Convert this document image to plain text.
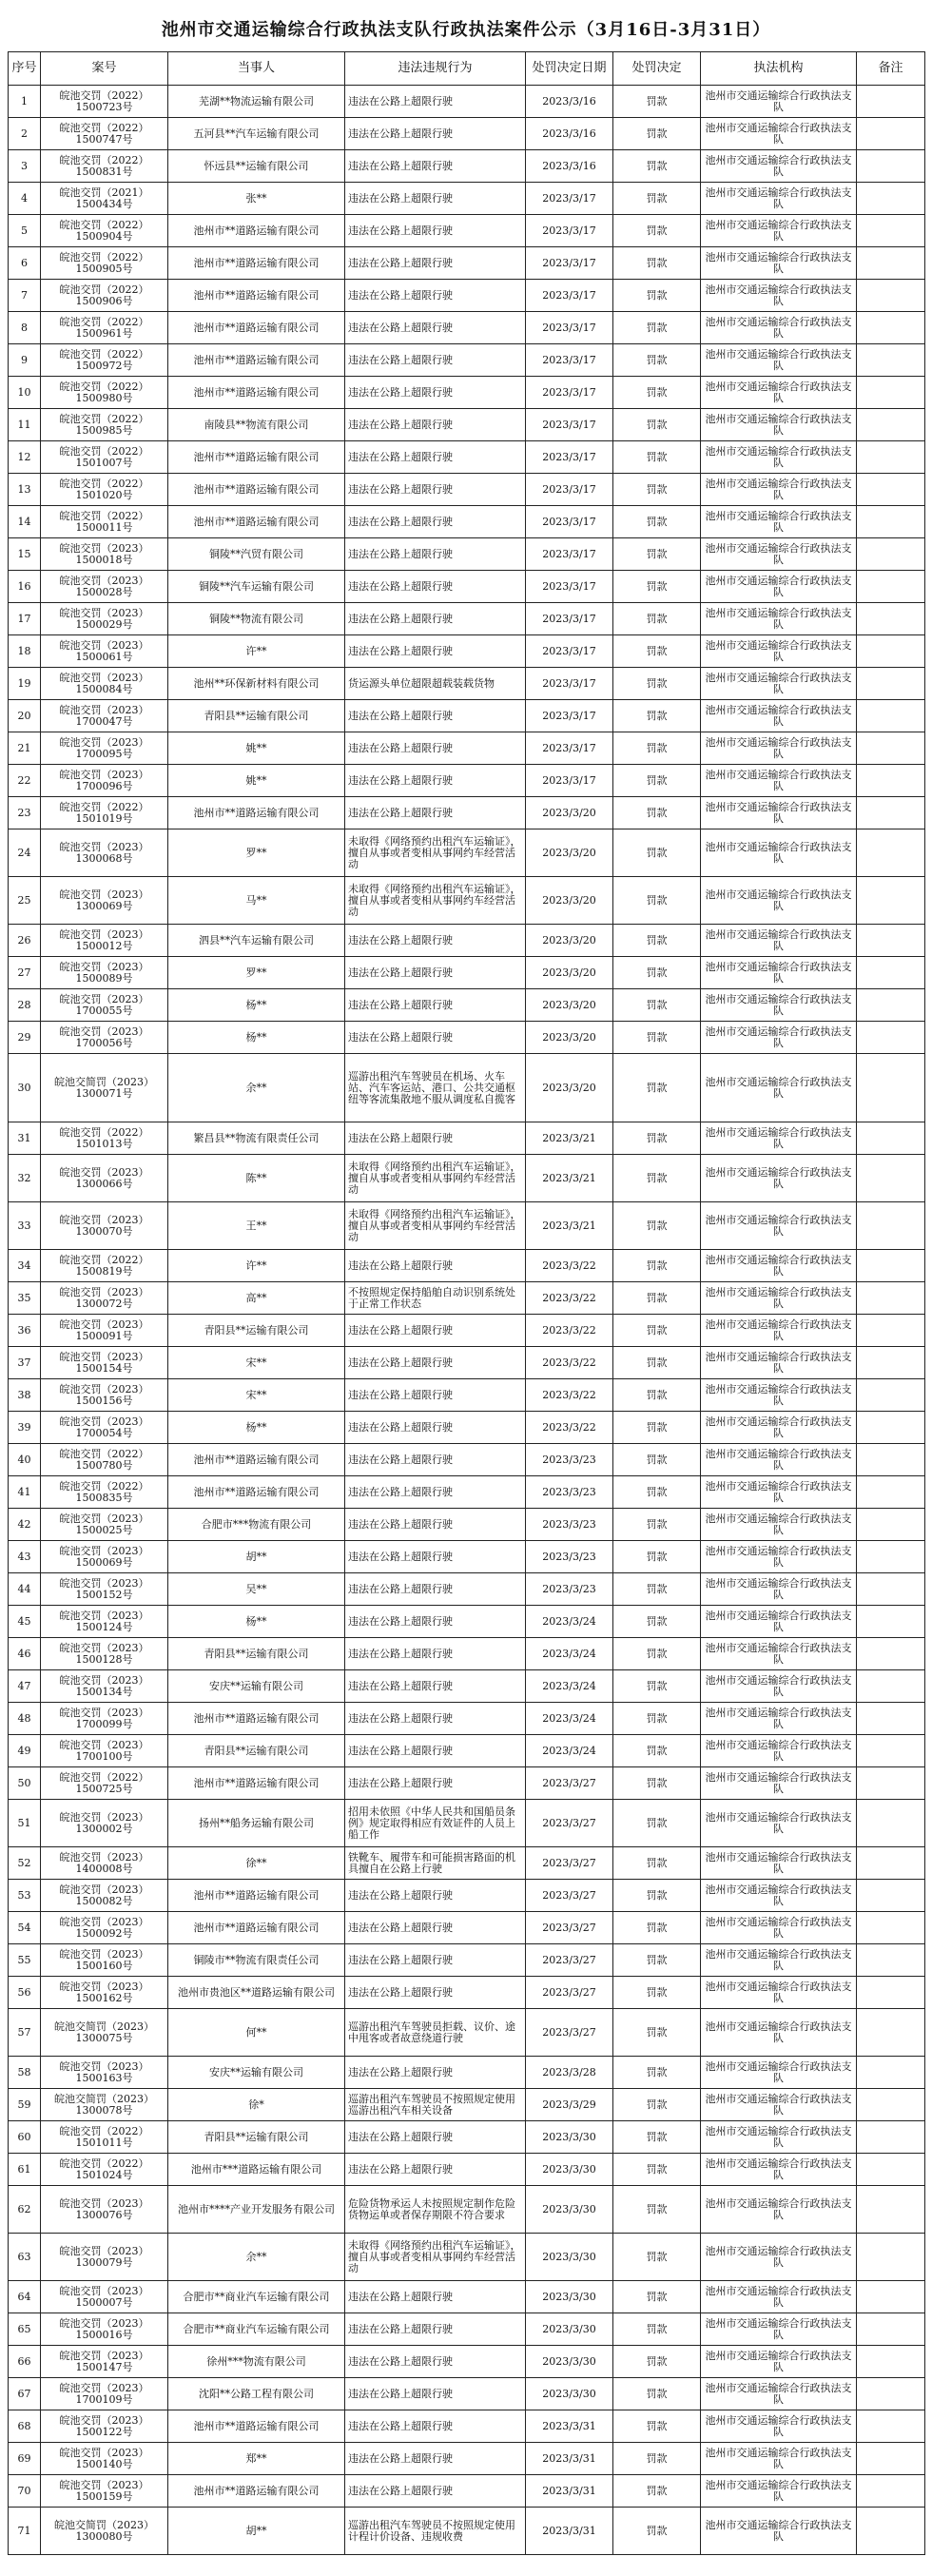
池州市交通运输综合行政执法支队行政执法案件公示（3月16日-3月31日）
序号	案号	当事人	违法违规行为	处罚决定日期	处罚决定	执法机构	备注

1	皖池交罚（2022）
1500723号	芜湖**物流运输有限公司	违法在公路上超限行驶	2023/3/16	罚款	池州市交通运输综合行政执法支队	

2	皖池交罚（2022）
1500747号	五河县**汽车运输有限公司	违法在公路上超限行驶	2023/3/16	罚款	池州市交通运输综合行政执法支队	

3	皖池交罚（2022）
1500831号	怀远县**运输有限公司	违法在公路上超限行驶	2023/3/16	罚款	池州市交通运输综合行政执法支队	

4	皖池交罚（2021）
1500434号	张**	违法在公路上超限行驶	2023/3/17	罚款	池州市交通运输综合行政执法支队	

5	皖池交罚（2022）
1500904号	池州市**道路运输有限公司	违法在公路上超限行驶	2023/3/17	罚款	池州市交通运输综合行政执法支队	

6	皖池交罚（2022）
1500905号	池州市**道路运输有限公司	违法在公路上超限行驶	2023/3/17	罚款	池州市交通运输综合行政执法支队	

7	皖池交罚（2022）
1500906号	池州市**道路运输有限公司	违法在公路上超限行驶	2023/3/17	罚款	池州市交通运输综合行政执法支队	

8	皖池交罚（2022）
1500961号	池州市**道路运输有限公司	违法在公路上超限行驶	2023/3/17	罚款	池州市交通运输综合行政执法支队	

9	皖池交罚（2022）
1500972号	池州市**道路运输有限公司	违法在公路上超限行驶	2023/3/17	罚款	池州市交通运输综合行政执法支队	

10	皖池交罚（2022）
1500980号	池州市**道路运输有限公司	违法在公路上超限行驶	2023/3/17	罚款	池州市交通运输综合行政执法支队	

11	皖池交罚（2022）
1500985号	南陵县**物流有限公司	违法在公路上超限行驶	2023/3/17	罚款	池州市交通运输综合行政执法支队	

12	皖池交罚（2022）
1501007号	池州市**道路运输有限公司	违法在公路上超限行驶	2023/3/17	罚款	池州市交通运输综合行政执法支队	

13	皖池交罚（2022）
1501020号	池州市**道路运输有限公司	违法在公路上超限行驶	2023/3/17	罚款	池州市交通运输综合行政执法支队	

14	皖池交罚（2022）
1500011号	池州市**道路运输有限公司	违法在公路上超限行驶	2023/3/17	罚款	池州市交通运输综合行政执法支队	

15	皖池交罚（2023）
1500018号	铜陵**汽贸有限公司	违法在公路上超限行驶	2023/3/17	罚款	池州市交通运输综合行政执法支队	

16	皖池交罚（2023）
1500028号	铜陵**汽车运输有限公司	违法在公路上超限行驶	2023/3/17	罚款	池州市交通运输综合行政执法支队	

17	皖池交罚（2023）
1500029号	铜陵**物流有限公司	违法在公路上超限行驶	2023/3/17	罚款	池州市交通运输综合行政执法支队	

18	皖池交罚（2023）
1500061号	许**	违法在公路上超限行驶	2023/3/17	罚款	池州市交通运输综合行政执法支队	

19	皖池交罚（2023）
1500084号	池州**环保新材料有限公司	货运源头单位超限超载装载货物	2023/3/17	罚款	池州市交通运输综合行政执法支队	

20	皖池交罚（2023）
1700047号	青阳县**运输有限公司	违法在公路上超限行驶	2023/3/17	罚款	池州市交通运输综合行政执法支队	

21	皖池交罚（2023）
1700095号	姚**	违法在公路上超限行驶	2023/3/17	罚款	池州市交通运输综合行政执法支队	

22	皖池交罚（2023）
1700096号	姚**	违法在公路上超限行驶	2023/3/17	罚款	池州市交通运输综合行政执法支队	

23	皖池交罚（2022）
1501019号	池州市**道路运输有限公司	违法在公路上超限行驶	2023/3/20	罚款	池州市交通运输综合行政执法支队	

24	皖池交罚（2023）
1300068号	罗**	未取得《网络预约出租汽车运输证》，擅自从事或者变相从事网约车经营活动	2023/3/20	罚款	池州市交通运输综合行政执法支队	

25	皖池交罚（2023）
1300069号	马**	未取得《网络预约出租汽车运输证》，擅自从事或者变相从事网约车经营活动	2023/3/20	罚款	池州市交通运输综合行政执法支队	

26	皖池交罚（2023）
1500012号	泗县**汽车运输有限公司	违法在公路上超限行驶	2023/3/20	罚款	池州市交通运输综合行政执法支队	

27	皖池交罚（2023）
1500089号	罗**	违法在公路上超限行驶	2023/3/20	罚款	池州市交通运输综合行政执法支队	

28	皖池交罚（2023）
1700055号	杨**	违法在公路上超限行驶	2023/3/20	罚款	池州市交通运输综合行政执法支队	

29	皖池交罚（2023）
1700056号	杨**	违法在公路上超限行驶	2023/3/20	罚款	池州市交通运输综合行政执法支队	

30	皖池交简罚（2023）
1300071号	余**	巡游出租汽车驾驶员在机场、火车站、汽车客运站、港口、公共交通枢纽等客流集散地不服从调度私自揽客	2023/3/20	罚款	池州市交通运输综合行政执法支队	

31	皖池交罚（2022）
1501013号	繁昌县**物流有限责任公司	违法在公路上超限行驶	2023/3/21	罚款	池州市交通运输综合行政执法支队	

32	皖池交罚（2023）
1300066号	陈**	未取得《网络预约出租汽车运输证》，擅自从事或者变相从事网约车经营活动	2023/3/21	罚款	池州市交通运输综合行政执法支队	

33	皖池交罚（2023）
1300070号	王**	未取得《网络预约出租汽车运输证》，擅自从事或者变相从事网约车经营活动	2023/3/21	罚款	池州市交通运输综合行政执法支队	

34	皖池交罚（2022）
1500819号	许**	违法在公路上超限行驶	2023/3/22	罚款	池州市交通运输综合行政执法支队	

35	皖池交罚（2023）
1300072号	高**	不按照规定保持船舶自动识别系统处于正常工作状态	2023/3/22	罚款	池州市交通运输综合行政执法支队	

36	皖池交罚（2023）
1500091号	青阳县**运输有限公司	违法在公路上超限行驶	2023/3/22	罚款	池州市交通运输综合行政执法支队	

37	皖池交罚（2023）
1500154号	宋**	违法在公路上超限行驶	2023/3/22	罚款	池州市交通运输综合行政执法支队	

38	皖池交罚（2023）
1500156号	宋**	违法在公路上超限行驶	2023/3/22	罚款	池州市交通运输综合行政执法支队	

39	皖池交罚（2023）
1700054号	杨**	违法在公路上超限行驶	2023/3/22	罚款	池州市交通运输综合行政执法支队	

40	皖池交罚（2022）
1500780号	池州市**道路运输有限公司	违法在公路上超限行驶	2023/3/23	罚款	池州市交通运输综合行政执法支队	

41	皖池交罚（2022）
1500835号	池州市**道路运输有限公司	违法在公路上超限行驶	2023/3/23	罚款	池州市交通运输综合行政执法支队	

42	皖池交罚（2023）
1500025号	合肥市***物流有限公司	违法在公路上超限行驶	2023/3/23	罚款	池州市交通运输综合行政执法支队	

43	皖池交罚（2023）
1500069号	胡**	违法在公路上超限行驶	2023/3/23	罚款	池州市交通运输综合行政执法支队	

44	皖池交罚（2023）
1500152号	吴**	违法在公路上超限行驶	2023/3/23	罚款	池州市交通运输综合行政执法支队	

45	皖池交罚（2023）
1500124号	杨**	违法在公路上超限行驶	2023/3/24	罚款	池州市交通运输综合行政执法支队	

46	皖池交罚（2023）
1500128号	青阳县**运输有限公司	违法在公路上超限行驶	2023/3/24	罚款	池州市交通运输综合行政执法支队	

47	皖池交罚（2023）
1500134号	安庆**运输有限公司	违法在公路上超限行驶	2023/3/24	罚款	池州市交通运输综合行政执法支队	

48	皖池交罚（2023）
1700099号	池州市**道路运输有限公司	违法在公路上超限行驶	2023/3/24	罚款	池州市交通运输综合行政执法支队	

49	皖池交罚（2023）
1700100号	青阳县**运输有限公司	违法在公路上超限行驶	2023/3/24	罚款	池州市交通运输综合行政执法支队	

50	皖池交罚（2022）
1500725号	池州市**道路运输有限公司	违法在公路上超限行驶	2023/3/27	罚款	池州市交通运输综合行政执法支队	

51	皖池交罚（2023）
1300002号	扬州**船务运输有限公司	招用未依照《中华人民共和国船员条例》规定取得相应有效证件的人员上船工作	2023/3/27	罚款	池州市交通运输综合行政执法支队	

52	皖池交罚（2023）
1400008号	徐**	铁靴车、履带车和可能损害路面的机具擅自在公路上行驶	2023/3/27	罚款	池州市交通运输综合行政执法支队	

53	皖池交罚（2023）
1500082号	池州市**道路运输有限公司	违法在公路上超限行驶	2023/3/27	罚款	池州市交通运输综合行政执法支队	

54	皖池交罚（2023）
1500092号	池州市**道路运输有限公司	违法在公路上超限行驶	2023/3/27	罚款	池州市交通运输综合行政执法支队	

55	皖池交罚（2023）
1500160号	铜陵市**物流有限责任公司	违法在公路上超限行驶	2023/3/27	罚款	池州市交通运输综合行政执法支队	

56	皖池交罚（2023）
1500162号	池州市贵池区**道路运输有限公司	违法在公路上超限行驶	2023/3/27	罚款	池州市交通运输综合行政执法支队	

57	皖池交简罚（2023）
1300075号	何**	巡游出租汽车驾驶员拒载、议价、途中甩客或者故意绕道行驶	2023/3/27	罚款	池州市交通运输综合行政执法支队	

58	皖池交罚（2023）
1500163号	安庆**运输有限公司	违法在公路上超限行驶	2023/3/28	罚款	池州市交通运输综合行政执法支队	

59	皖池交简罚（2023）
1300078号	徐*	巡游出租汽车驾驶员不按照规定使用巡游出租汽车相关设备	2023/3/29	罚款	池州市交通运输综合行政执法支队	

60	皖池交罚（2022）
1501011号	青阳县**运输有限公司	违法在公路上超限行驶	2023/3/30	罚款	池州市交通运输综合行政执法支队	

61	皖池交罚（2022）
1501024号	池州市***道路运输有限公司	违法在公路上超限行驶	2023/3/30	罚款	池州市交通运输综合行政执法支队	

62	皖池交罚（2023）
1300076号	池州市****产业开发服务有限公司	危险货物承运人未按照规定制作危险货物运单或者保存期限不符合要求	2023/3/30	罚款	池州市交通运输综合行政执法支队	

63	皖池交罚（2023）
1300079号	余**	未取得《网络预约出租汽车运输证》，擅自从事或者变相从事网约车经营活动	2023/3/30	罚款	池州市交通运输综合行政执法支队	

64	皖池交罚（2023）
1500007号	合肥市**商业汽车运输有限公司	违法在公路上超限行驶	2023/3/30	罚款	池州市交通运输综合行政执法支队	

65	皖池交罚（2023）
1500016号	合肥市**商业汽车运输有限公司	违法在公路上超限行驶	2023/3/30	罚款	池州市交通运输综合行政执法支队	

66	皖池交罚（2023）
1500147号	徐州***物流有限公司	违法在公路上超限行驶	2023/3/30	罚款	池州市交通运输综合行政执法支队	

67	皖池交罚（2023）
1700109号	沈阳**公路工程有限公司	违法在公路上超限行驶	2023/3/30	罚款	池州市交通运输综合行政执法支队	

68	皖池交罚（2023）
1500122号	池州市**道路运输有限公司	违法在公路上超限行驶	2023/3/31	罚款	池州市交通运输综合行政执法支队	

69	皖池交罚（2023）
1500140号	郑**	违法在公路上超限行驶	2023/3/31	罚款	池州市交通运输综合行政执法支队	

70	皖池交罚（2023）
1500159号	池州市**道路运输有限公司	违法在公路上超限行驶	2023/3/31	罚款	池州市交通运输综合行政执法支队	

71	皖池交简罚（2023）
1300080号	胡**	巡游出租汽车驾驶员不按照规定使用计程计价设备、违规收费	2023/3/31	罚款	池州市交通运输综合行政执法支队	
